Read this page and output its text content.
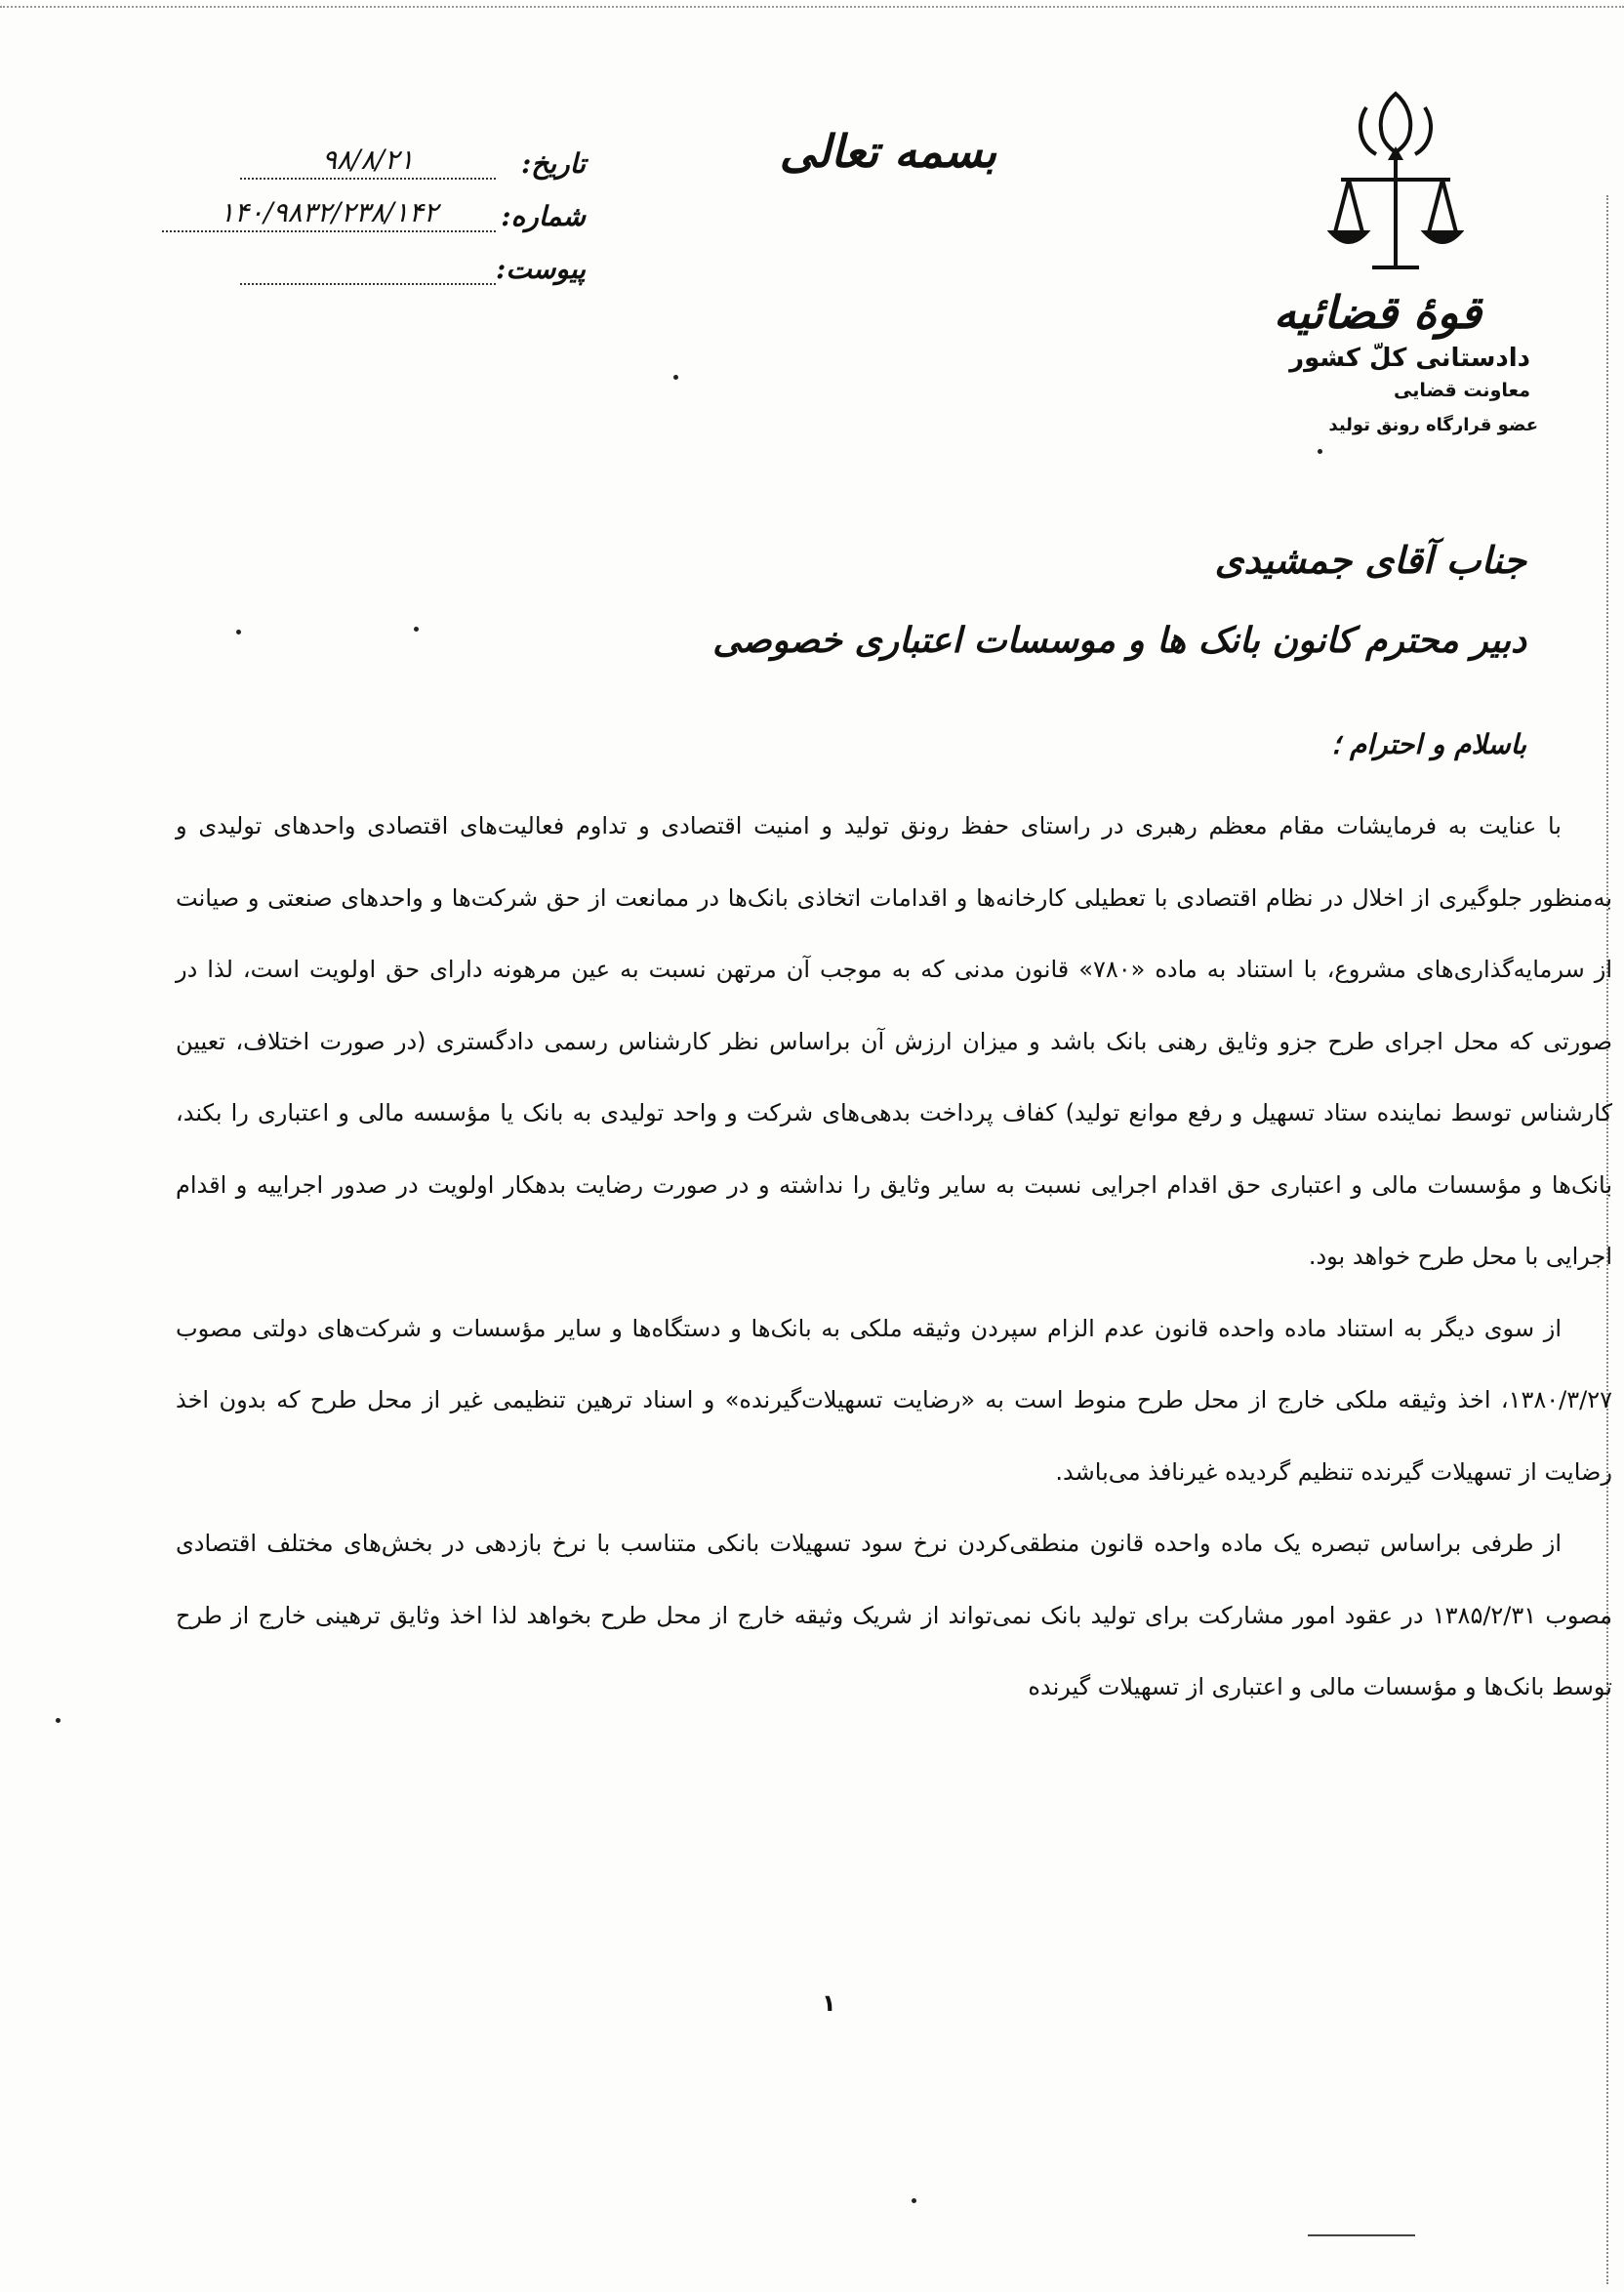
قوهٔ قضائیه
دادستانی کلّ کشور
معاونت قضایی
عضو قرارگاه رونق تولید
بسمه تعالی
تاریخ:
۹۸/۸/۲۱
شماره:
۱۴۰/۹۸۳۲/۲۳۸/۱۴۲
پیوست:
جناب آقای جمشیدی
دبیر محترم کانون بانک ها و موسسات اعتباری خصوصی
باسلام و احترام ؛

با عنایت به فرمایشات مقام معظم رهبری در راستای حفظ رونق تولید و امنیت اقتصادی و تداوم فعالیت‌های اقتصادی واحدهای تولیدی و به‌منظور جلوگیری از اخلال در نظام اقتصادی با تعطیلی کارخانه‌ها و اقدامات اتخاذی بانک‌ها در ممانعت از حق شرکت‌ها و واحدهای صنعتی و صیانت از سرمایه‌گذاری‌های مشروع، با استناد به ماده «۷۸۰» قانون مدنی که به موجب آن مرتهن نسبت به عین مرهونه دارای حق اولویت است، لذا در صورتی که محل اجرای طرح جزو وثایق رهنی بانک باشد و میزان ارزش آن براساس نظر کارشناس رسمی دادگستری (در صورت اختلاف، تعیین کارشناس توسط نماینده ستاد تسهیل و رفع موانع تولید) کفاف پرداخت بدهی‌های شرکت و واحد تولیدی به بانک یا مؤسسه مالی و اعتباری را بکند، بانک‌ها و مؤسسات مالی و اعتباری حق اقدام اجرایی نسبت به سایر وثایق را نداشته و در صورت رضایت بدهکار اولویت در صدور اجراییه و اقدام اجرایی با محل طرح خواهد بود.

از سوی دیگر به استناد ماده واحده قانون عدم الزام سپردن وثیقه ملکی به بانک‌ها و دستگاه‌ها و سایر مؤسسات و شرکت‌های دولتی مصوب ۱۳۸۰/۳/۲۷، اخذ وثیقه ملکی خارج از محل طرح منوط است به «رضایت تسهیلات‌گیرنده» و اسناد ترهین تنظیمی غیر از محل طرح که بدون اخذ رضایت از تسهیلات گیرنده تنظیم گردیده غیرنافذ می‌باشد.

از طرفی براساس تبصره یک ماده واحده قانون منطقی‌کردن نرخ سود تسهیلات بانکی متناسب با نرخ بازدهی در بخش‌های مختلف اقتصادی مصوب ۱۳۸۵/۲/۳۱ در عقود امور مشارکت برای تولید بانک نمی‌تواند از شریک وثیقه خارج از محل طرح بخواهد لذا اخذ وثایق ترهینی خارج از طرح توسط بانک‌ها و مؤسسات مالی و اعتباری از تسهیلات گیرنده

۱
